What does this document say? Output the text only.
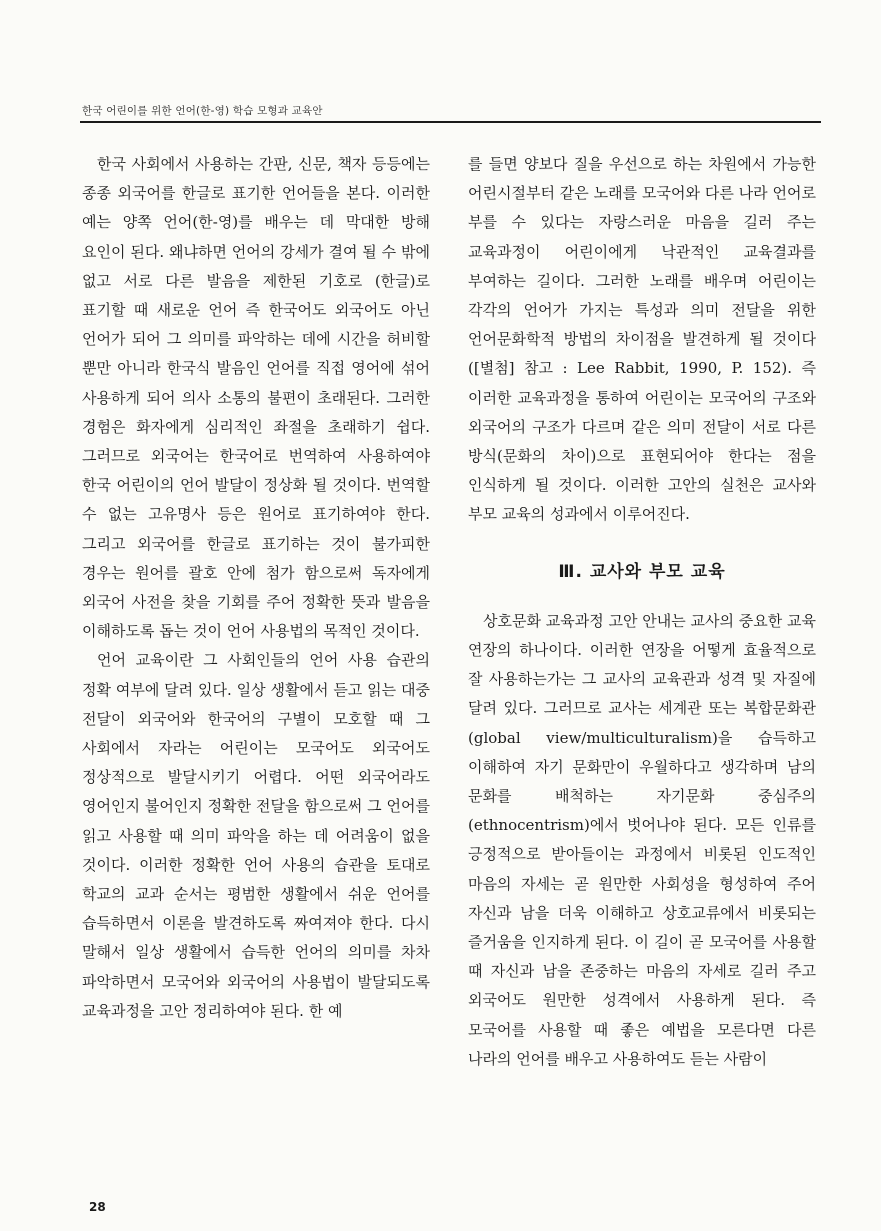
한국 어린이를 위한 언어(한-영) 학습 모형과 교육안

한국 사회에서 사용하는 간판, 신문, 책자 등등에는 종종 외국어를 한글로 표기한 언어들을 본다. 이러한 예는 양쪽 언어(한-영)를 배우는 데 막대한 방해 요인이 된다. 왜냐하면 언어의 강세가 결여 될 수 밖에 없고 서로 다른 발음을 제한된 기호로 (한글)로 표기할 때 새로운 언어 즉 한국어도 외국어도 아닌 언어가 되어 그 의미를 파악하는 데에 시간을 허비할 뿐만 아니라 한국식 발음인 언어를 직접 영어에 섞어 사용하게 되어 의사 소통의 불편이 초래된다. 그러한 경험은 화자에게 심리적인 좌절을 초래하기 쉽다. 그러므로 외국어는 한국어로 번역하여 사용하여야 한국 어린이의 언어 발달이 정상화 될 것이다. 번역할 수 없는 고유명사 등은 원어로 표기하여야 한다. 그리고 외국어를 한글로 표기하는 것이 불가피한 경우는 원어를 괄호 안에 첨가 함으로써 독자에게 외국어 사전을 찾을 기회를 주어 정확한 뜻과 발음을 이해하도록 돕는 것이 언어 사용법의 목적인 것이다.

언어 교육이란 그 사회인들의 언어 사용 습관의 정확 여부에 달려 있다. 일상 생활에서 듣고 읽는 대중 전달이 외국어와 한국어의 구별이 모호할 때 그 사회에서 자라는 어린이는 모국어도 외국어도 정상적으로 발달시키기 어렵다. 어떤 외국어라도 영어인지 불어인지 정확한 전달을 함으로써 그 언어를 읽고 사용할 때 의미 파악을 하는 데 어려움이 없을 것이다. 이러한 정확한 언어 사용의 습관을 토대로 학교의 교과 순서는 평범한 생활에서 쉬운 언어를 습득하면서 이론을 발견하도록 짜여져야 한다. 다시 말해서 일상 생활에서 습득한 언어의 의미를 차차 파악하면서 모국어와 외국어의 사용법이 발달되도록 교육과정을 고안 정리하여야 된다. 한 예

를 들면 양보다 질을 우선으로 하는 차원에서 가능한 어린시절부터 같은 노래를 모국어와 다른 나라 언어로 부를 수 있다는 자랑스러운 마음을 길러 주는 교육과정이 어린이에게 낙관적인 교육결과를 부여하는 길이다. 그러한 노래를 배우며 어린이는 각각의 언어가 가지는 특성과 의미 전달을 위한 언어문화학적 방법의 차이점을 발견하게 될 것이다 ([별첨] 참고 : Lee Rabbit, 1990, P. 152). 즉 이러한 교육과정을 통하여 어린이는 모국어의 구조와 외국어의 구조가 다르며 같은 의미 전달이 서로 다른 방식(문화의 차이)으로 표현되어야 한다는 점을 인식하게 될 것이다. 이러한 고안의 실천은 교사와 부모 교육의 성과에서 이루어진다.

Ⅲ. 교사와 부모 교육

상호문화 교육과정 고안 안내는 교사의 중요한 교육 연장의 하나이다. 이러한 연장을 어떻게 효율적으로 잘 사용하는가는 그 교사의 교육관과 성격 및 자질에 달려 있다. 그러므로 교사는 세계관 또는 복합문화관(global view/multiculturalism)을 습득하고 이해하여 자기 문화만이 우월하다고 생각하며 남의 문화를 배척하는 자기문화 중심주의(ethnocentrism)에서 벗어나야 된다. 모든 인류를 긍정적으로 받아들이는 과정에서 비롯된 인도적인 마음의 자세는 곧 원만한 사회성을 형성하여 주어 자신과 남을 더욱 이해하고 상호교류에서 비롯되는 즐거움을 인지하게 된다. 이 길이 곧 모국어를 사용할 때 자신과 남을 존중하는 마음의 자세로 길러 주고 외국어도 원만한 성격에서 사용하게 된다. 즉 모국어를 사용할 때 좋은 예법을 모른다면 다른 나라의 언어를 배우고 사용하여도 듣는 사람이

28
